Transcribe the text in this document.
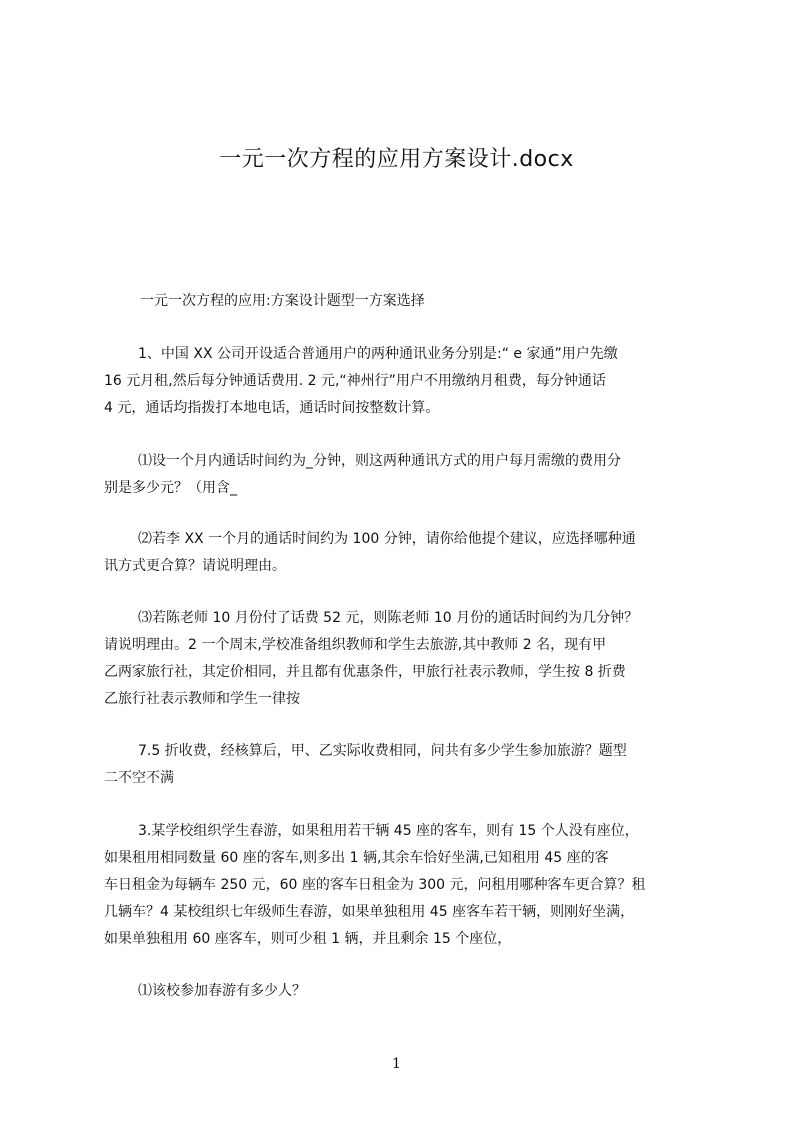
一元一次方程的应用方案设计.docx
一元一次方程的应用:方案设计题型一方案选择
1、中国 XX 公司开设适合普通用户的两种通讯业务分别是:“ e 家通”用户先缴
16 元月租,然后每分钟通话费用. 2 元,“神州行”用户不用缴纳月租费，每分钟通话
4 元，通话均指拨打本地电话，通话时间按整数计算。
⑴设一个月内通话时间约为_分钟，则这两种通讯方式的用户每月需缴的费用分
别是多少元？（用含_
⑵若李 XX 一个月的通话时间约为 100 分钟，请你给他提个建议，应选择哪种通
讯方式更合算？请说明理由。
⑶若陈老师 10 月份付了话费 52 元，则陈老师 10 月份的通话时间约为几分钟？
请说明理由。2 一个周末,学校准备组织教师和学生去旅游,其中教师 2 名，现有甲
乙两家旅行社，其定价相同，并且都有优惠条件，甲旅行社表示教师，学生按 8 折费
乙旅行社表示教师和学生一律按
7.5 折收费，经核算后，甲、乙实际收费相同，问共有多少学生参加旅游？题型
二不空不满
3.某学校组织学生春游，如果租用若干辆 45 座的客车，则有 15 个人没有座位，
如果租用相同数量 60 座的客车,则多出 1 辆,其余车恰好坐满,已知租用 45 座的客
车日租金为每辆车 250 元，60 座的客车日租金为 300 元，问租用哪种客车更合算？租
几辆车？4 某校组织七年级师生春游，如果单独租用 45 座客车若干辆，则刚好坐满，
如果单独租用 60 座客车，则可少租 1 辆，并且剩余 15 个座位，
⑴该校参加春游有多少人？
1
